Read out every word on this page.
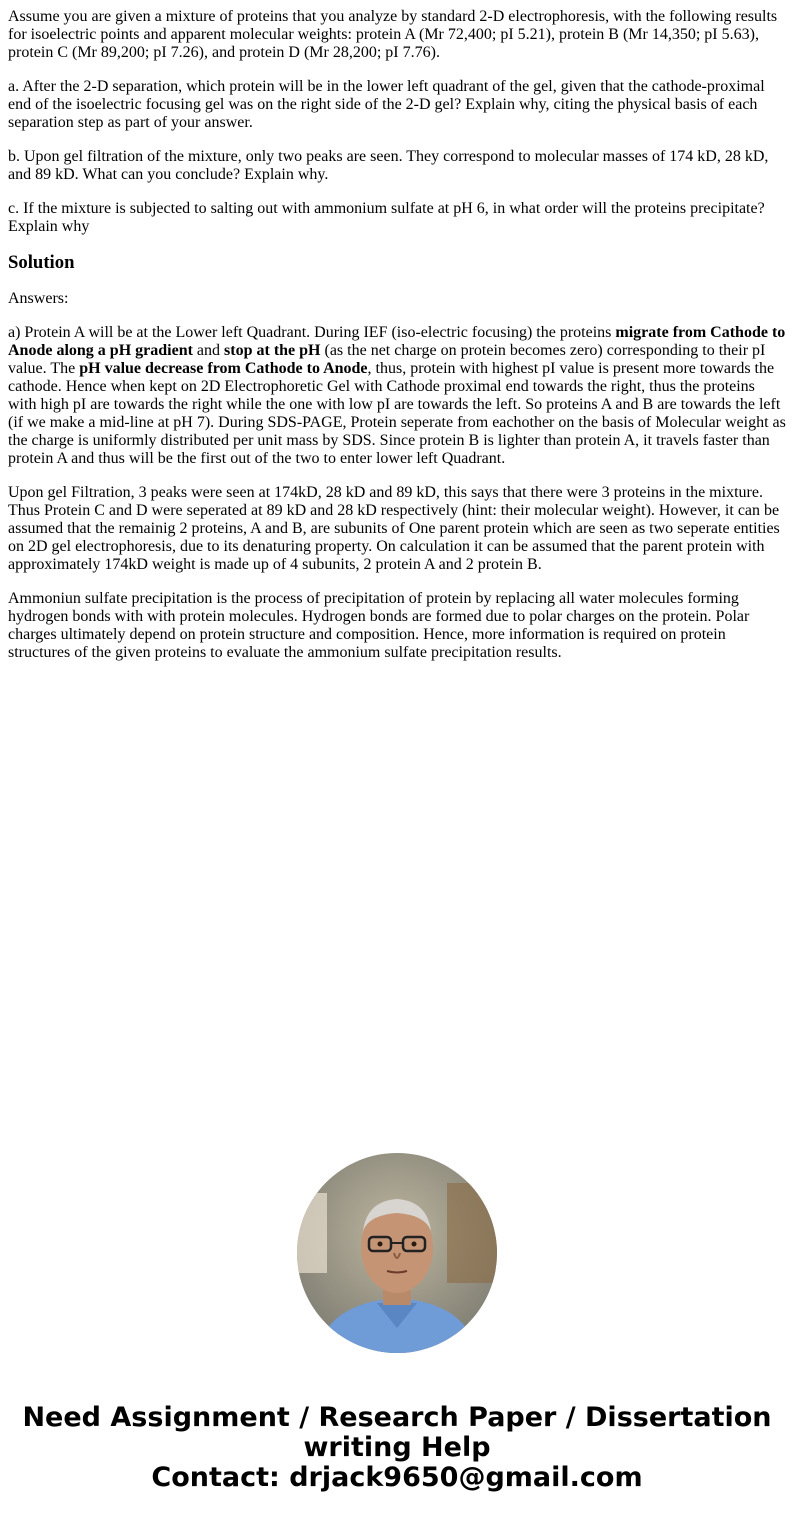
Assume you are given a mixture of proteins that you analyze by standard 2-D electrophoresis, with the following results for isoelectric points and apparent molecular weights: protein A (Mr 72,400; pI 5.21), protein B (Mr 14,350; pI 5.63), protein C (Mr 89,200; pI 7.26), and protein D (Mr 28,200; pI 7.76).

a. After the 2-D separation, which protein will be in the lower left quadrant of the gel, given that the cathode-proximal end of the isoelectric focusing gel was on the right side of the 2-D gel? Explain why, citing the physical basis of each separation step as part of your answer.

b. Upon gel filtration of the mixture, only two peaks are seen. They correspond to molecular masses of 174 kD, 28 kD, and 89 kD. What can you conclude? Explain why.

c. If the mixture is subjected to salting out with ammonium sulfate at pH 6, in what order will the proteins precipitate? Explain why

Solution

Answers:

a) Protein A will be at the Lower left Quadrant. During IEF (iso-electric focusing) the proteins migrate from Cathode to Anode along a pH gradient and stop at the pH (as the net charge on protein becomes zero) corresponding to their pI value. The pH value decrease from Cathode to Anode, thus, protein with highest pI value is present more towards the cathode. Hence when kept on 2D Electrophoretic Gel with Cathode proximal end towards the right, thus the proteins with high pI are towards the right while the one with low pI are towards the left. So proteins A and B are towards the left (if we make a mid-line at pH 7). During SDS-PAGE, Protein seperate from eachother on the basis of Molecular weight as the charge is uniformly distributed per unit mass by SDS. Since protein B is lighter than protein A, it travels faster than protein A and thus will be the first out of the two to enter lower left Quadrant.

Upon gel Filtration, 3 peaks were seen at 174kD, 28 kD and 89 kD, this says that there were 3 proteins in the mixture. Thus Protein C and D were seperated at 89 kD and 28 kD respectively (hint: their molecular weight). However, it can be assumed that the remainig 2 proteins, A and B, are subunits of One parent protein which are seen as two seperate entities on 2D gel electrophoresis, due to its denaturing property. On calculation it can be assumed that the parent protein with approximately 174kD weight is made up of 4 subunits, 2 protein A and 2 protein B.

Ammoniun sulfate precipitation is the process of precipitation of protein by replacing all water molecules forming hydrogen bonds with with protein molecules. Hydrogen bonds are formed due to polar charges on the protein. Polar charges ultimately depend on protein structure and composition. Hence, more information is required on protein structures of the given proteins to evaluate the ammonium sulfate precipitation results.

Need Assignment / Research Paper / Dissertation
writing Help
Contact: drjack9650@gmail.com
